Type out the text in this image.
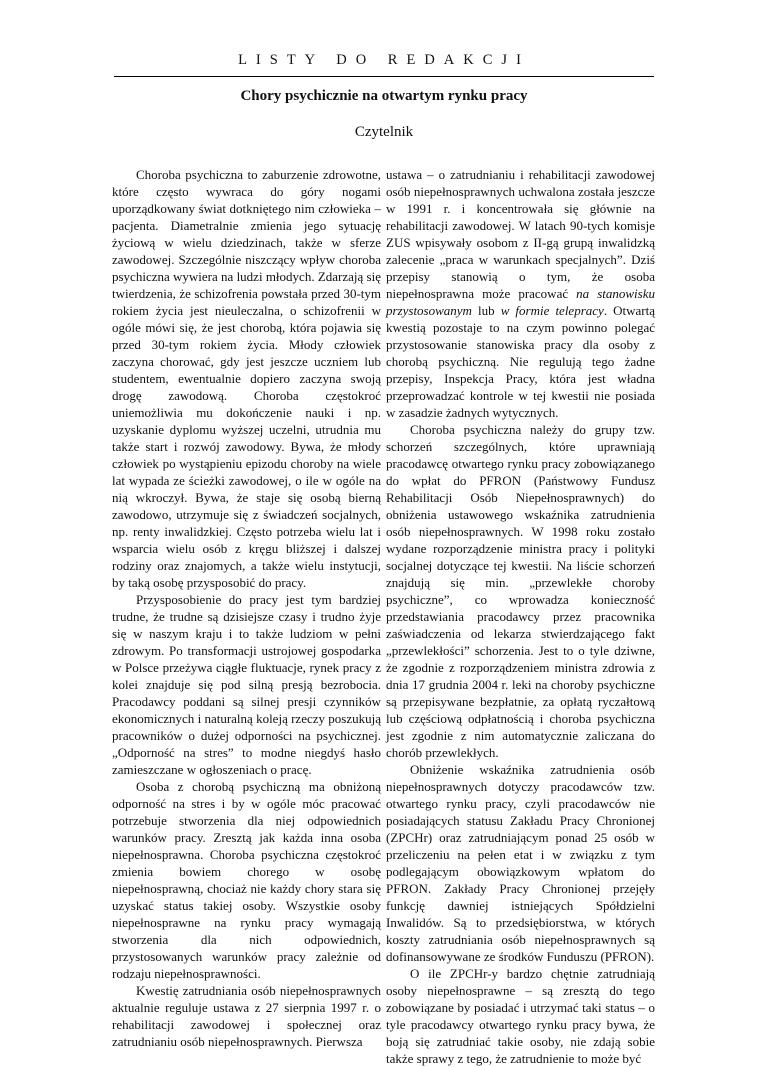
LISTY DO REDAKCJI
Chory psychicznie na otwartym rynku pracy
Czytelnik

Choroba psychiczna to zaburzenie zdrowotne, które często wywraca do góry nogami uporządkowany świat dotkniętego nim człowieka – pacjenta. Diametralnie zmienia jego sytuację życiową w wielu dziedzinach, także w sferze zawodowej. Szczególnie niszczący wpływ choroba psychiczna wywiera na ludzi młodych. Zdarzają się twierdzenia, że schizofrenia powstała przed 30-tym rokiem życia jest nieuleczalna, o schizofrenii w ogóle mówi się, że jest chorobą, która pojawia się przed 30-tym rokiem życia. Młody człowiek zaczyna chorować, gdy jest jeszcze uczniem lub studentem, ewentualnie dopiero zaczyna swoją drogę zawodową. Choroba częstokroć uniemożliwia mu dokończenie nauki i np. uzyskanie dyplomu wyższej uczelni, utrudnia mu także start i rozwój zawodowy. Bywa, że młody człowiek po wystąpieniu epizodu choroby na wiele lat wypada ze ścieżki zawodowej, o ile w ogóle na nią wkroczył. Bywa, że staje się osobą bierną zawodowo, utrzymuje się z świadczeń socjalnych, np. renty inwalidzkiej. Często potrzeba wielu lat i wsparcia wielu osób z kręgu bliższej i dalszej rodziny oraz znajomych, a także wielu instytucji, by taką osobę przysposobić do pracy.

Przysposobienie do pracy jest tym bardziej trudne, że trudne są dzisiejsze czasy i trudno żyje się w naszym kraju i to także ludziom w pełni zdrowym. Po transformacji ustrojowej gospodarka w Polsce przeżywa ciągłe fluktuacje, rynek pracy z kolei znajduje się pod silną presją bezrobocia. Pracodawcy poddani są silnej presji czynników ekonomicznych i naturalną koleją rzeczy poszukują pracowników o dużej odporności na psychicznej. „Odporność na stres” to modne niegdyś hasło zamieszczane w ogłoszeniach o pracę.

Osoba z chorobą psychiczną ma obniżoną odporność na stres i by w ogóle móc pracować potrzebuje stworzenia dla niej odpowiednich warunków pracy. Zresztą jak każda inna osoba niepełnosprawna. Choroba psychiczna częstokroć zmienia bowiem chorego w osobę niepełnosprawną, chociaż nie każdy chory stara się uzyskać status takiej osoby. Wszystkie osoby niepełnosprawne na rynku pracy wymagają stworzenia dla nich odpowiednich, przystosowanych warunków pracy zależnie od rodzaju niepełnosprawności.

Kwestię zatrudniania osób niepełnosprawnych aktualnie reguluje ustawa z 27 sierpnia 1997 r. o rehabilitacji zawodowej i społecznej oraz zatrudnianiu osób niepełnosprawnych. Pierwsza

ustawa – o zatrudnianiu i rehabilitacji zawodowej osób niepełnosprawnych uchwalona została jeszcze w 1991 r. i koncentrowała się głównie na rehabilitacji zawodowej. W latach 90-tych komisje ZUS wpisywały osobom z II-gą grupą inwalidzką zalecenie „praca w warunkach specjalnych”. Dziś przepisy stanowią o tym, że osoba niepełnosprawna może pracować na stanowisku przystosowanym lub w formie telepracy. Otwartą kwestią pozostaje to na czym powinno polegać przystosowanie stanowiska pracy dla osoby z chorobą psychiczną. Nie regulują tego żadne przepisy, Inspekcja Pracy, która jest władna przeprowadzać kontrole w tej kwestii nie posiada w zasadzie żadnych wytycznych.

Choroba psychiczna należy do grupy tzw. schorzeń szczególnych, które uprawniają pracodawcę otwartego rynku pracy zobowiązanego do wpłat do PFRON (Państwowy Fundusz Rehabilitacji Osób Niepełnosprawnych) do obniżenia ustawowego wskaźnika zatrudnienia osób niepełnosprawnych. W 1998 roku zostało wydane rozporządzenie ministra pracy i polityki socjalnej dotyczące tej kwestii. Na liście schorzeń znajdują się min. „przewlekłe choroby psychiczne”, co wprowadza konieczność przedstawiania pracodawcy przez pracownika zaświadczenia od lekarza stwierdzającego fakt „przewlekłości” schorzenia. Jest to o tyle dziwne, że zgodnie z rozporządzeniem ministra zdrowia z dnia 17 grudnia 2004 r. leki na choroby psychiczne są przepisywane bezpłatnie, za opłatą ryczałtową lub częściową odpłatnością i choroba psychiczna jest zgodnie z nim automatycznie zaliczana do chorób przewlekłych.

Obniżenie wskaźnika zatrudnienia osób niepełnosprawnych dotyczy pracodawców tzw. otwartego rynku pracy, czyli pracodawców nie posiadających statusu Zakładu Pracy Chronionej (ZPCHr) oraz zatrudniającym ponad 25 osób w przeliczeniu na pełen etat i w związku z tym podlegającym obowiązkowym wpłatom do PFRON. Zakłady Pracy Chronionej przejęły funkcję dawniej istniejących Spółdzielni Inwalidów. Są to przedsiębiorstwa, w których koszty zatrudniania osób niepełnosprawnych są dofinansowywane ze środków Funduszu (PFRON).

O ile ZPCHr-y bardzo chętnie zatrudniają osoby niepełnosprawne – są zresztą do tego zobowiązane by posiadać i utrzymać taki status – o tyle pracodawcy otwartego rynku pracy bywa, że boją się zatrudniać takie osoby, nie zdają sobie także sprawy z tego, że zatrudnienie to może być
